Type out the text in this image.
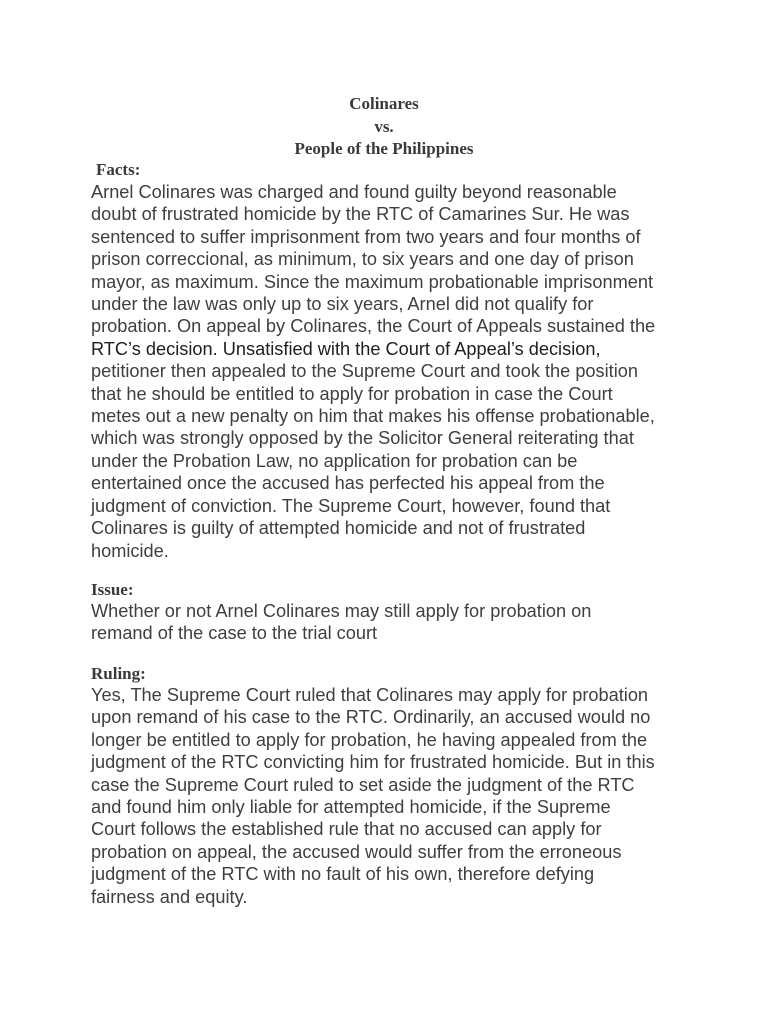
Colinares
vs.
People of the Philippines
Facts:
Arnel Colinares was charged and found guilty beyond reasonable
doubt of frustrated homicide by the RTC of Camarines Sur. He was
sentenced to suffer imprisonment from two years and four months of
prison correccional, as minimum, to six years and one day of prison
mayor, as maximum. Since the maximum probationable imprisonment
under the law was only up to six years, Arnel did not qualify for
probation. On appeal by Colinares, the Court of Appeals sustained the
RTC’s decision. Unsatisfied with the Court of Appeal’s decision,
petitioner then appealed to the Supreme Court and took the position
that he should be entitled to apply for probation in case the Court
metes out a new penalty on him that makes his offense probationable,
which was strongly opposed by the Solicitor General reiterating that
under the Probation Law, no application for probation can be
entertained once the accused has perfected his appeal from the
judgment of conviction. The Supreme Court, however, found that
Colinares is guilty of attempted homicide and not of frustrated
homicide.
Issue:
Whether or not Arnel Colinares may still apply for probation on
remand of the case to the trial court
Ruling:
Yes, The Supreme Court ruled that Colinares may apply for probation
upon remand of his case to the RTC. Ordinarily, an accused would no
longer be entitled to apply for probation, he having appealed from the
judgment of the RTC convicting him for frustrated homicide. But in this
case the Supreme Court ruled to set aside the judgment of the RTC
and found him only liable for attempted homicide, if the Supreme
Court follows the established rule that no accused can apply for
probation on appeal, the accused would suffer from the erroneous
judgment of the RTC with no fault of his own, therefore defying
fairness and equity.
